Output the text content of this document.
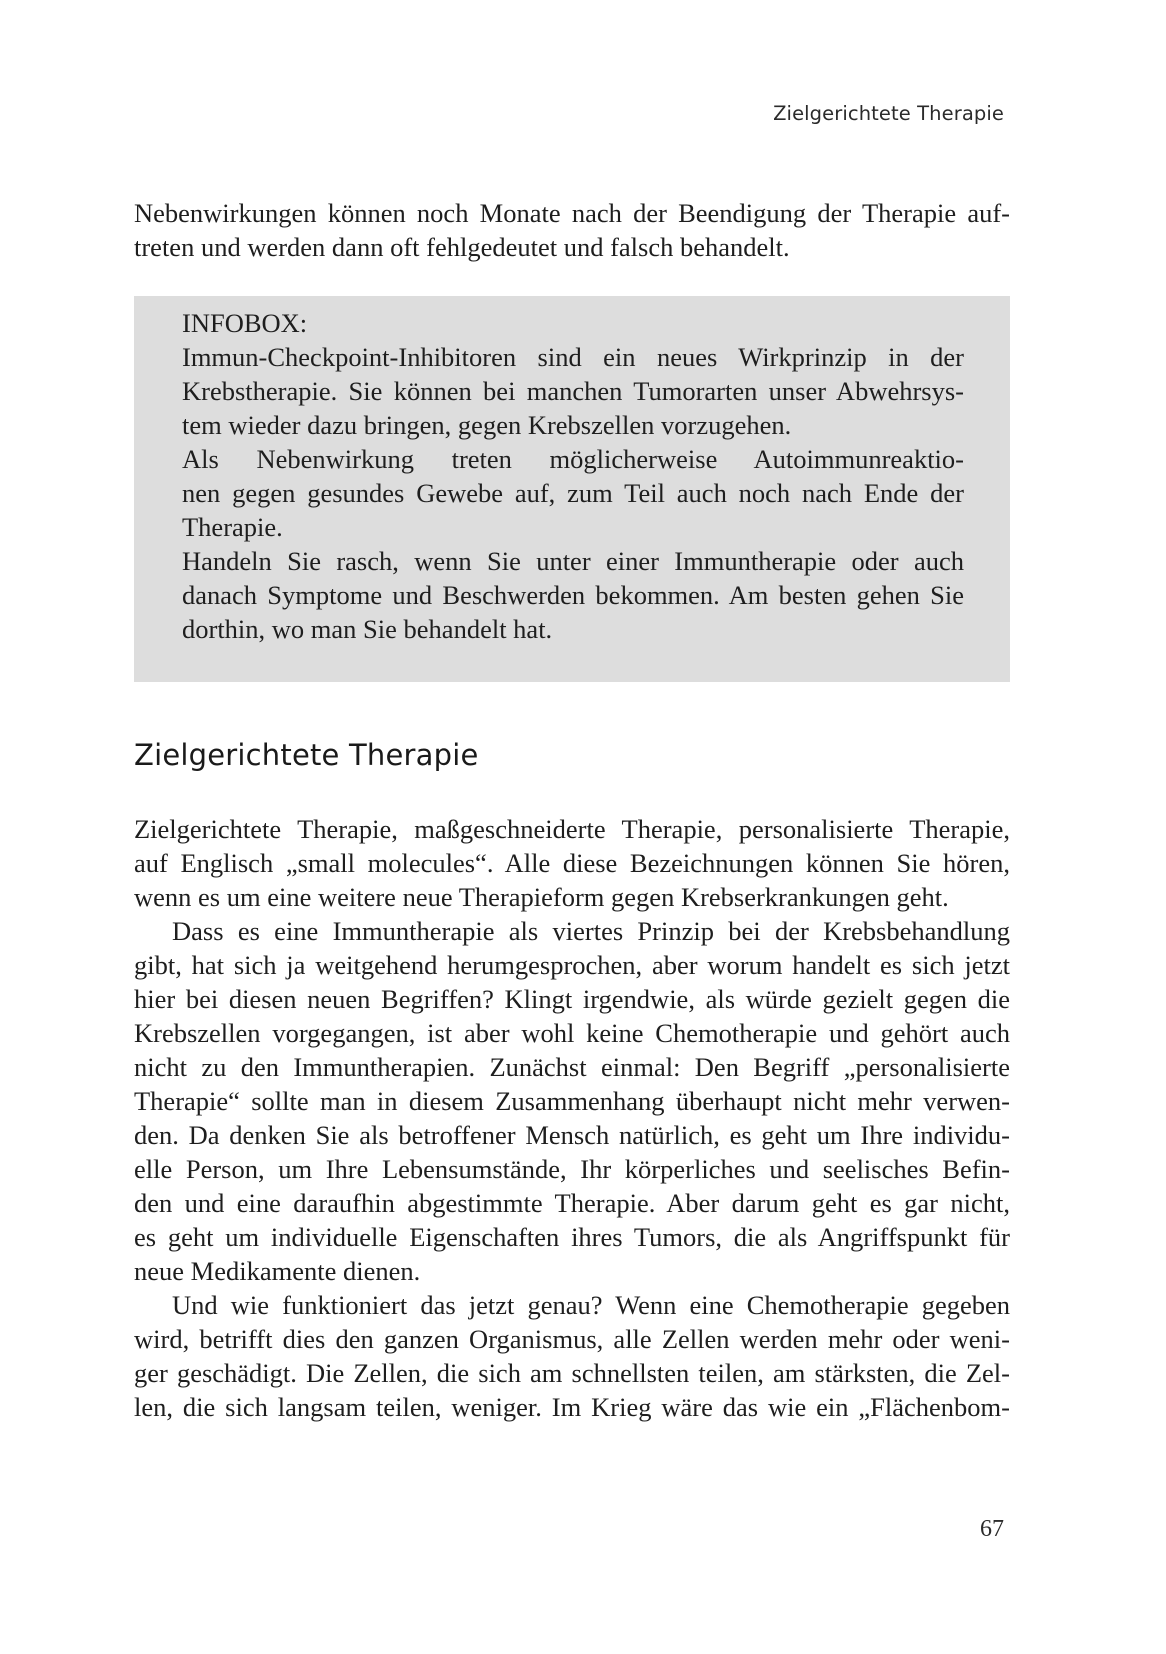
Zielgerichtete Therapie
Nebenwirkungen können noch Monate nach der Beendigung der Therapie auf-
treten und werden dann oft fehlgedeutet und falsch behandelt.
INFOBOX:
Immun-Checkpoint-Inhibitoren sind ein neues Wirkprinzip in der
Krebstherapie. Sie können bei manchen Tumorarten unser Abwehrsys-
tem wieder dazu bringen, gegen Krebszellen vorzugehen.
Als Nebenwirkung treten möglicherweise Autoimmunreaktio-
nen gegen gesundes Gewebe auf, zum Teil auch noch nach Ende der
Therapie.
Handeln Sie rasch, wenn Sie unter einer Immuntherapie oder auch
danach Symptome und Beschwerden bekommen. Am besten gehen Sie
dorthin, wo man Sie behandelt hat.
Zielgerichtete Therapie
Zielgerichtete Therapie, maßgeschneiderte Therapie, personalisierte Therapie,
auf Englisch „small molecules“. Alle diese Bezeichnungen können Sie hören,
wenn es um eine weitere neue Therapieform gegen Krebserkrankungen geht.
Dass es eine Immuntherapie als viertes Prinzip bei der Krebsbehandlung
gibt, hat sich ja weitgehend herumgesprochen, aber worum handelt es sich jetzt
hier bei diesen neuen Begriffen? Klingt irgendwie, als würde gezielt gegen die
Krebszellen vorgegangen, ist aber wohl keine Chemotherapie und gehört auch
nicht zu den Immuntherapien. Zunächst einmal: Den Begriff „personalisierte
Therapie“ sollte man in diesem Zusammenhang überhaupt nicht mehr verwen-
den. Da denken Sie als betroffener Mensch natürlich, es geht um Ihre individu-
elle Person, um Ihre Lebensumstände, Ihr körperliches und seelisches Befin-
den und eine daraufhin abgestimmte Therapie. Aber darum geht es gar nicht,
es geht um individuelle Eigenschaften ihres Tumors, die als Angriffspunkt für
neue Medikamente dienen.
Und wie funktioniert das jetzt genau? Wenn eine Chemotherapie gegeben
wird, betrifft dies den ganzen Organismus, alle Zellen werden mehr oder weni-
ger geschädigt. Die Zellen, die sich am schnellsten teilen, am stärksten, die Zel-
len, die sich langsam teilen, weniger. Im Krieg wäre das wie ein „Flächenbom-
67
